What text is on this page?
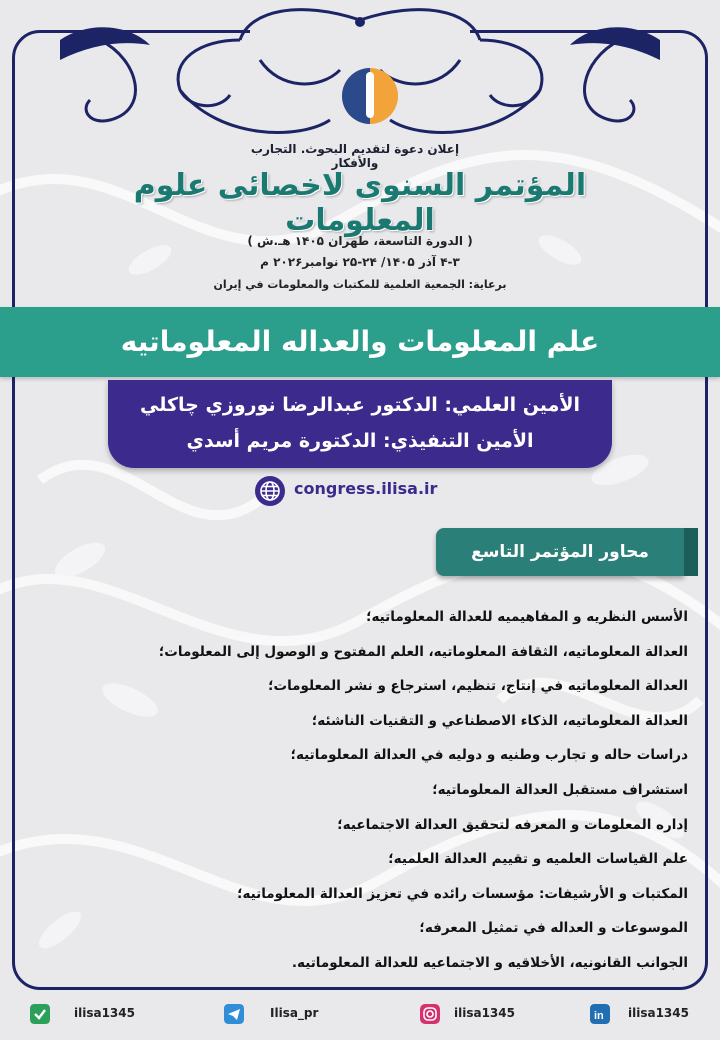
إعلان دعوة لتقديم البحوث. التجارب والأفكار
المؤتمر السنوى لاخصائى علوم المعلومات
( الدورة التاسعة، طهران ۱۴۰۵ هـ.ش )
۴-۳ آذر ۱۴۰۵/ ۲۴-۲۵ نوامبر۲۰۲۶ م
برعاية: الجمعية العلمية للمكتبات والمعلومات في إيران
علم المعلومات والعداله المعلوماتيه
الأمين العلمي: الدكتور عبدالرضا نوروزي چاكلي
الأمين التنفيذي: الدكتورة مريم أسدي
congress.ilisa.ir
محاور المؤتمر التاسع
الأسس النظريه و المفاهيميه للعدالة المعلوماتيه؛
العدالة المعلوماتيه، الثقافة المعلوماتيه، العلم المفتوح و الوصول إلى المعلومات؛
العدالة المعلوماتيه في إنتاج، تنظيم، استرجاع و نشر المعلومات؛
العدالة المعلوماتيه، الذكاء الاصطناعي و التقنيات الناشئه؛
دراسات حاله و تجارب وطنيه و دوليه في العدالة المعلوماتيه؛
استشراف مستقبل العدالة المعلوماتيه؛
إداره المعلومات و المعرفه لتحقيق العدالة الاجتماعيه؛
علم القياسات العلميه و تقييم العدالة العلميه؛
المكتبات و الأرشيفات: مؤسسات رائده في تعزيز العدالة المعلوماتيه؛
الموسوعات و العداله في تمثيل المعرفه؛
الجوانب القانونيه، الأخلاقيه و الاجتماعيه للعدالة المعلوماتيه.
ilisa1345	Ilisa_pr	ilisa1345	in ilisa1345
